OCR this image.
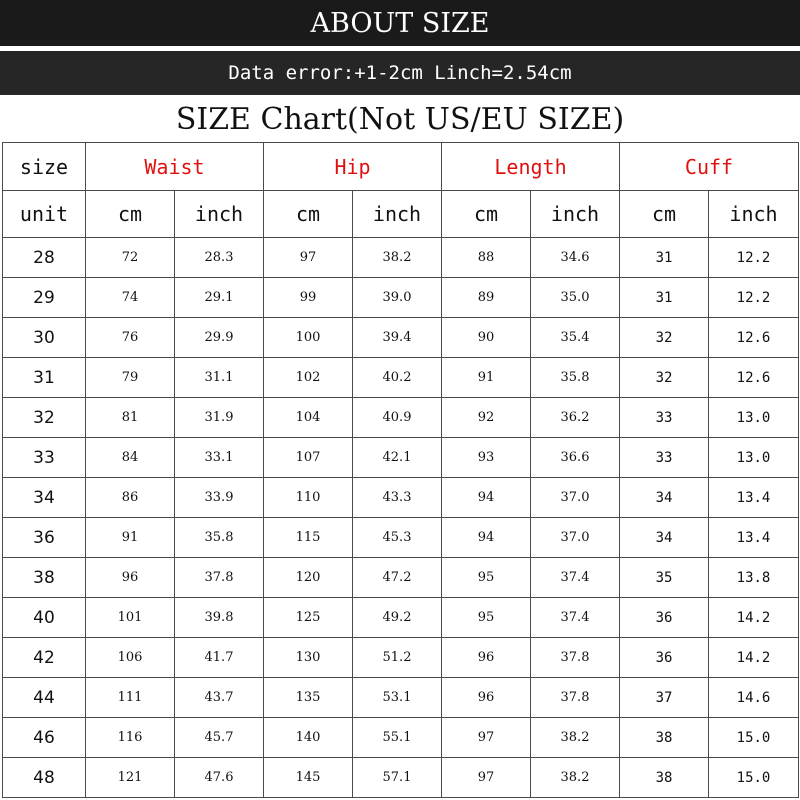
ABOUT SIZE
Data error:+1-2cm Linch=2.54cm
SIZE Chart(Not US/EU SIZE)
size	Waist		Hip		Length		Cuff	
unit	cm	inch	cm	inch	cm	inch	cm	inch
28	72	28.3	97	38.2	88	34.6	31	12.2
29	74	29.1	99	39.0	89	35.0	31	12.2
30	76	29.9	100	39.4	90	35.4	32	12.6
31	79	31.1	102	40.2	91	35.8	32	12.6
32	81	31.9	104	40.9	92	36.2	33	13.0
33	84	33.1	107	42.1	93	36.6	33	13.0
34	86	33.9	110	43.3	94	37.0	34	13.4
36	91	35.8	115	45.3	94	37.0	34	13.4
38	96	37.8	120	47.2	95	37.4	35	13.8
40	101	39.8	125	49.2	95	37.4	36	14.2
42	106	41.7	130	51.2	96	37.8	36	14.2
44	111	43.7	135	53.1	96	37.8	37	14.6
46	116	45.7	140	55.1	97	38.2	38	15.0
48	121	47.6	145	57.1	97	38.2	38	15.0
